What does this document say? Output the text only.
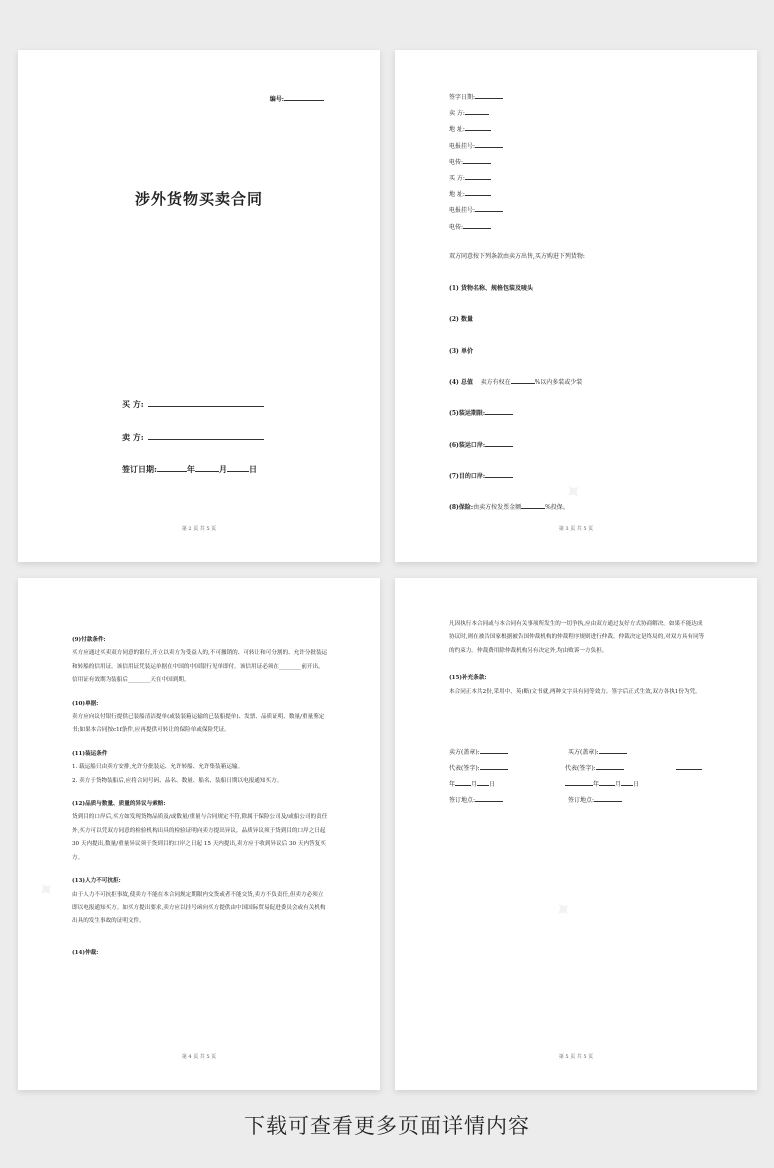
编号:
涉外货物买卖合同
买 方:
卖 方:
签订日期:	年	月	日
第 2 页 共 5 页
签字日期:
卖 方:
地 址:
电报挂号:
电传:
买 方:
地 址:
电报挂号:
电传:
双方同意按下列条款由卖方出售,买方购进下列货物:
(1) 货物名称、规格包装及唛头
(2) 数量
(3) 单价
(4) 总值 卖方有权在	%以内多装或少装
(5)装运期限:
(6)装运口岸:
(7)目的口岸:
(8)保险:由卖方按发票金额	%投保。
✦
第 3 页 共 5 页
(9)付款条件:
买方应通过买卖双方同意的银行,开立以卖方为受益人的,不可撤销的、可转让和可分割的、允许分批装运和转船的信用证。该信用证凭装运单据在中国的中国银行见单即付。该信用证必须在________前开出。信用证有效期为装船后________天在中国到期。
(10)单据:
卖方应向议付银行提供已装船清洁提单(或装装箱运输的已装船提单)、发票、品质证明、数量/重量鉴定书;如果本合同按c1f条件,应再提供可转让的保险单或保险凭证。
(11)装运条件
1. 载运船只由卖方安排,允许分批装运、允许转船、允许集装箱运输。
2. 卖方于货物装船后,应将合同号码、品名、数量、船名、装船日期以电报通知买方。
(12)品质与数量、质量的异议与索赔:
货到目的口岸后,买方如发现货物品质及/或数量/重量与合同规定不符,除属于保险公司及/或船公司的责任外,买方可以凭双方同意的检验机构出具的检验证明向卖方提出异议。品质异议须于货到目的口岸之日起 30 天内提出,数量/重量异议须于货到目的口岸之日起 15 天内提出,卖方应于收到异议后 30 天内答复买方。
(13)人力不可抗拒:
由于人力不可抗拒事故,使卖方不能在本合同规定期限内交货或者不能交货,卖方不负责任,但卖方必须立即以电报通知买方。如买方提出要求,卖方应以挂号函向买方提供由中国国际贸易促进委员会或有关机构出具的发生事故的证明文件。
(14)仲裁:
✦
第 4 页 共 5 页
凡因执行本合同或与本合同有关事项所发生的一切争执,应由双方通过友好方式协商解决。如果不能达成协议时,则在被告国家根据被告国仲裁机构的仲裁程序规则进行仲裁。仲裁决定是终局的,对双方具有同等的约束力。仲裁费用除仲裁机构另有决定外,均由败诉一方负担。
(15)补充条款:
本合同正本共2份,采用中、英(略)文书就,两种文字具有同等效力。签字后正式生效,双方各执1份为凭。
卖方(盖章):	买方(盖章):
代表(签字):	代表(签字):
年	月 日	年	月 日
签订地点:	签订地点:
✦
第 5 页 共 5 页
下载可查看更多页面详情内容
